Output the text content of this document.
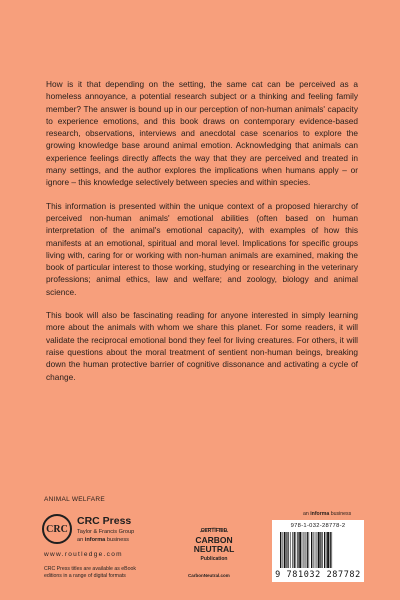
How is it that depending on the setting, the same cat can be perceived as a homeless annoyance, a potential research subject or a thinking and feeling family member? The answer is bound up in our perception of non-human animals' capacity to experience emotions, and this book draws on contemporary evidence-based research, observations, interviews and anecdotal case scenarios to explore the growing knowledge base around animal emotion. Acknowledging that animals can experience feelings directly affects the way that they are perceived and treated in many settings, and the author explores the implications when humans apply – or ignore – this knowledge selectively between species and within species.

This information is presented within the unique context of a proposed hierarchy of perceived non-human animals' emotional abilities (often based on human interpretation of the animal's emotional capacity), with examples of how this manifests at an emotional, spiritual and moral level. Implications for specific groups living with, caring for or working with non-human animals are examined, making the book of particular interest to those working, studying or researching in the veterinary professions; animal ethics, law and welfare; and zoology, biology and animal science.

This book will also be fascinating reading for anyone interested in simply learning more about the animals with whom we share this planet. For some readers, it will validate the reciprocal emotional bond they feel for living creatures. For others, it will raise questions about the moral treatment of sentient non-human beings, breaking down the human protective barrier of cognitive dissonance and activating a cycle of change.

ANIMAL WELFARE
an informa business
CRC
CRC Press
Taylor & Francis Group
an informa business
www.routledge.com
CRC Press titles are available as eBook editions in a range of digital formats
CERTIFIED
CARBON
NEUTRAL
Publication
CarbonNeutral.com
978-1-032-28778-2
9 781032 287782
